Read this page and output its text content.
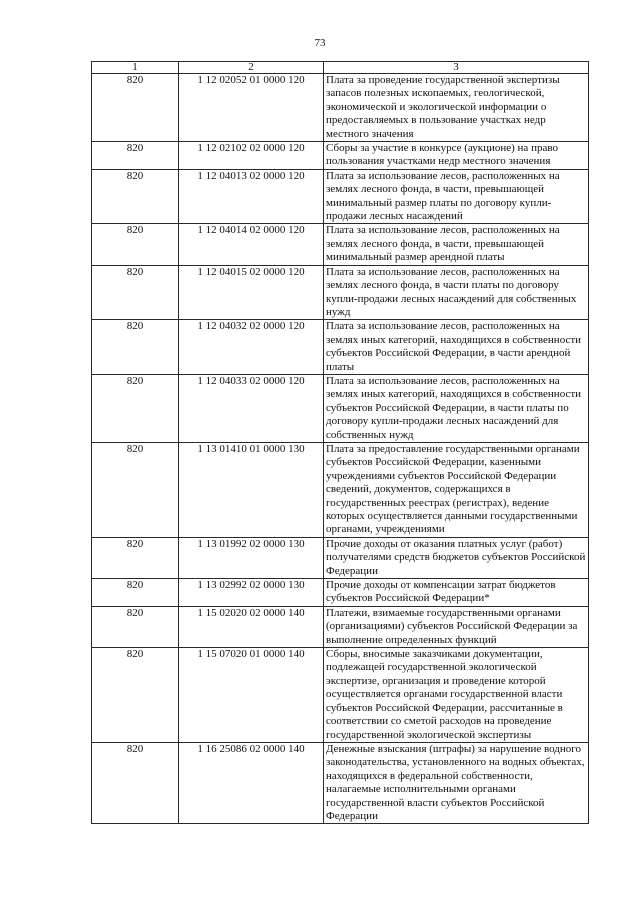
73
1	2	3
820	1 12 02052 01 0000 120	Плата за проведение государственной экспертизы запасов полезных ископаемых, геологической, экономической и экологической информации о предоставляемых в пользование участках недр местного значения
820	1 12 02102 02 0000 120	Сборы за участие в конкурсе (аукционе) на право пользования участками недр местного значения
820	1 12 04013 02 0000 120	Плата за использование лесов, расположенных на землях лесного фонда, в части, превышающей минимальный размер платы по договору купли-продажи лесных насаждений
820	1 12 04014 02 0000 120	Плата за использование лесов, расположенных на землях лесного фонда, в части, превышающей минимальный размер арендной платы
820	1 12 04015 02 0000 120	Плата за использование лесов, расположенных на землях лесного фонда, в части платы по договору купли-продажи лесных насаждений для собственных нужд
820	1 12 04032 02 0000 120	Плата за использование лесов, расположенных на землях иных категорий, находящихся в собственности субъектов Российской Федерации, в части арендной платы
820	1 12 04033 02 0000 120	Плата за использование лесов, расположенных на землях иных категорий, находящихся в собственности субъектов Российской Федерации, в части платы по договору купли-продажи лесных насаждений для собственных нужд
820	1 13 01410 01 0000 130	Плата за предоставление государственными органами субъектов Российской Федерации, казенными учреждениями субъектов Российской Федерации сведений, документов, содержащихся в государственных реестрах (регистрах), ведение которых осуществляется данными государственными органами, учреждениями
820	1 13 01992 02 0000 130	Прочие доходы от оказания платных услуг (работ) получателями средств бюджетов субъектов Российской Федерации
820	1 13 02992 02 0000 130	Прочие доходы от компенсации затрат бюджетов субъектов Российской Федерации*
820	1 15 02020 02 0000 140	Платежи, взимаемые государственными органами (организациями) субъектов Российской Федерации за выполнение определенных функций
820	1 15 07020 01 0000 140	Сборы, вносимые заказчиками документации, подлежащей государственной экологической экспертизе, организация и проведение которой осуществляется органами государственной власти субъектов Российской Федерации, рассчитанные в соответствии со сметой расходов на проведение государственной экологической экспертизы
820	1 16 25086 02 0000 140	Денежные взыскания (штрафы) за нарушение водного законодательства, установленного на водных объектах, находящихся в федеральной собственности, налагаемые исполнительными органами государственной власти субъектов Российской Федерации
